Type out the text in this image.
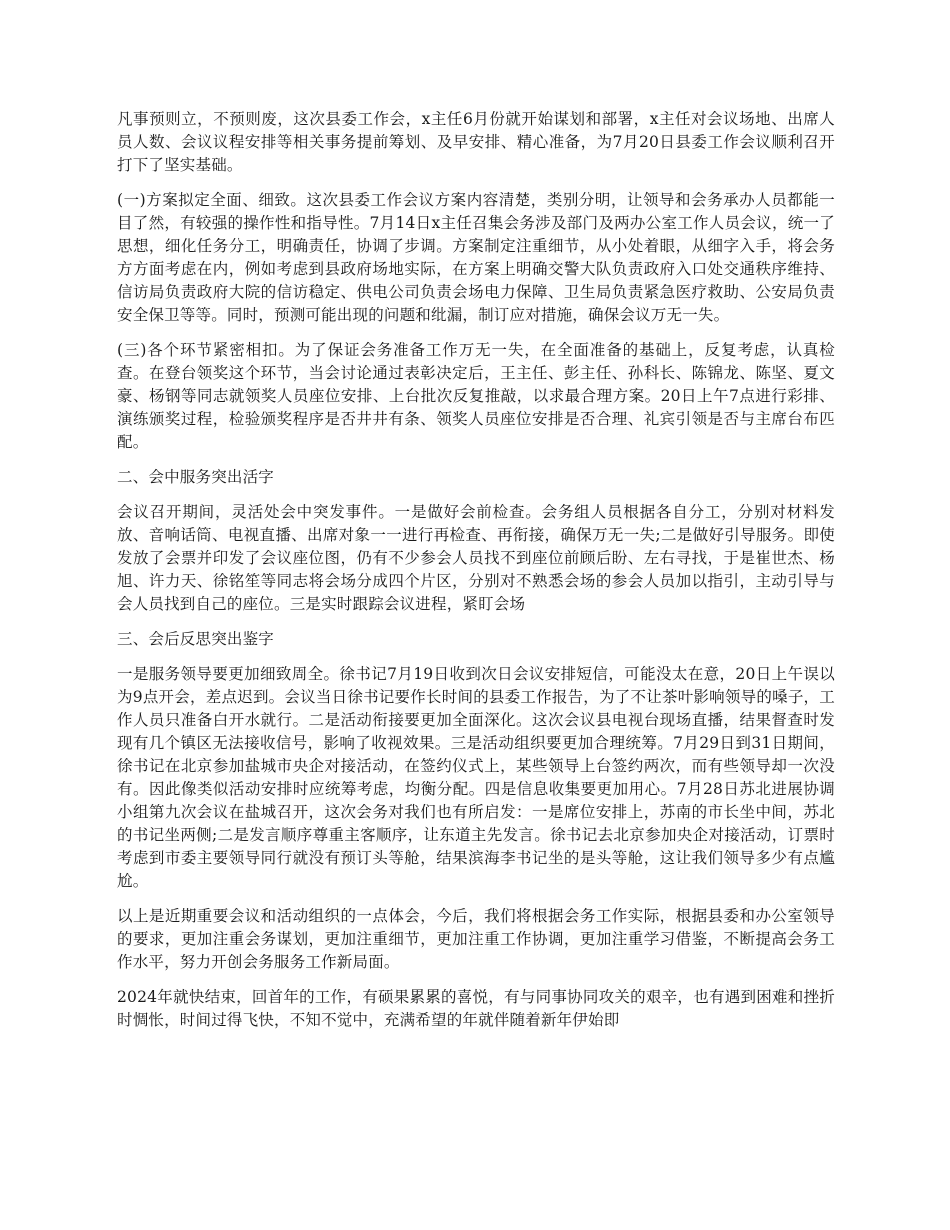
凡事预则立，不预则废，这次县委工作会，x主任6月份就开始谋划和部署，x主任对会议场地、出席人员人数、会议议程安排等相关事务提前筹划、及早安排、精心准备，为7月20日县委工作会议顺利召开打下了坚实基础。

(一)方案拟定全面、细致。这次县委工作会议方案内容清楚，类别分明，让领导和会务承办人员都能一目了然，有较强的操作性和指导性。7月14日x主任召集会务涉及部门及两办公室工作人员会议，统一了思想，细化任务分工，明确责任，协调了步调。方案制定注重细节，从小处着眼，从细字入手，将会务方方面考虑在内，例如考虑到县政府场地实际，在方案上明确交警大队负责政府入口处交通秩序维持、信访局负责政府大院的信访稳定、供电公司负责会场电力保障、卫生局负责紧急医疗救助、公安局负责安全保卫等等。同时，预测可能出现的问题和纰漏，制订应对措施，确保会议万无一失。

(三)各个环节紧密相扣。为了保证会务准备工作万无一失，在全面准备的基础上，反复考虑，认真检查。在登台领奖这个环节，当会讨论通过表彰决定后，王主任、彭主任、孙科长、陈锦龙、陈坚、夏文豪、杨钢等同志就领奖人员座位安排、上台批次反复推敲，以求最合理方案。20日上午7点进行彩排、演练颁奖过程，检验颁奖程序是否井井有条、领奖人员座位安排是否合理、礼宾引领是否与主席台布匹配。

二、会中服务突出活字

会议召开期间，灵活处会中突发事件。一是做好会前检查。会务组人员根据各自分工，分别对材料发放、音响话筒、电视直播、出席对象一一进行再检查、再衔接，确保万无一失;二是做好引导服务。即使发放了会票并印发了会议座位图，仍有不少参会人员找不到座位前顾后盼、左右寻找，于是崔世杰、杨旭、许力天、徐铭笙等同志将会场分成四个片区，分别对不熟悉会场的参会人员加以指引，主动引导与会人员找到自己的座位。三是实时跟踪会议进程，紧盯会场

三、会后反思突出鉴字

一是服务领导要更加细致周全。徐书记7月19日收到次日会议安排短信，可能没太在意，20日上午误以为9点开会，差点迟到。会议当日徐书记要作长时间的县委工作报告，为了不让茶叶影响领导的嗓子，工作人员只准备白开水就行。二是活动衔接要更加全面深化。这次会议县电视台现场直播，结果督查时发现有几个镇区无法接收信号，影响了收视效果。三是活动组织要更加合理统筹。7月29日到31日期间，徐书记在北京参加盐城市央企对接活动，在签约仪式上，某些领导上台签约两次，而有些领导却一次没有。因此像类似活动安排时应统筹考虑，均衡分配。四是信息收集要更加用心。7月28日苏北进展协调小组第九次会议在盐城召开，这次会务对我们也有所启发：一是席位安排上，苏南的市长坐中间，苏北的书记坐两侧;二是发言顺序尊重主客顺序，让东道主先发言。徐书记去北京参加央企对接活动，订票时考虑到市委主要领导同行就没有预订头等舱，结果滨海李书记坐的是头等舱，这让我们领导多少有点尴尬。

以上是近期重要会议和活动组织的一点体会，今后，我们将根据会务工作实际，根据县委和办公室领导的要求，更加注重会务谋划，更加注重细节，更加注重工作协调，更加注重学习借鉴，不断提高会务工作水平，努力开创会务服务工作新局面。

2024年就快结束，回首年的工作，有硕果累累的喜悦，有与同事协同攻关的艰辛，也有遇到困难和挫折时惆怅，时间过得飞快，不知不觉中，充满希望的年就伴随着新年伊始即
